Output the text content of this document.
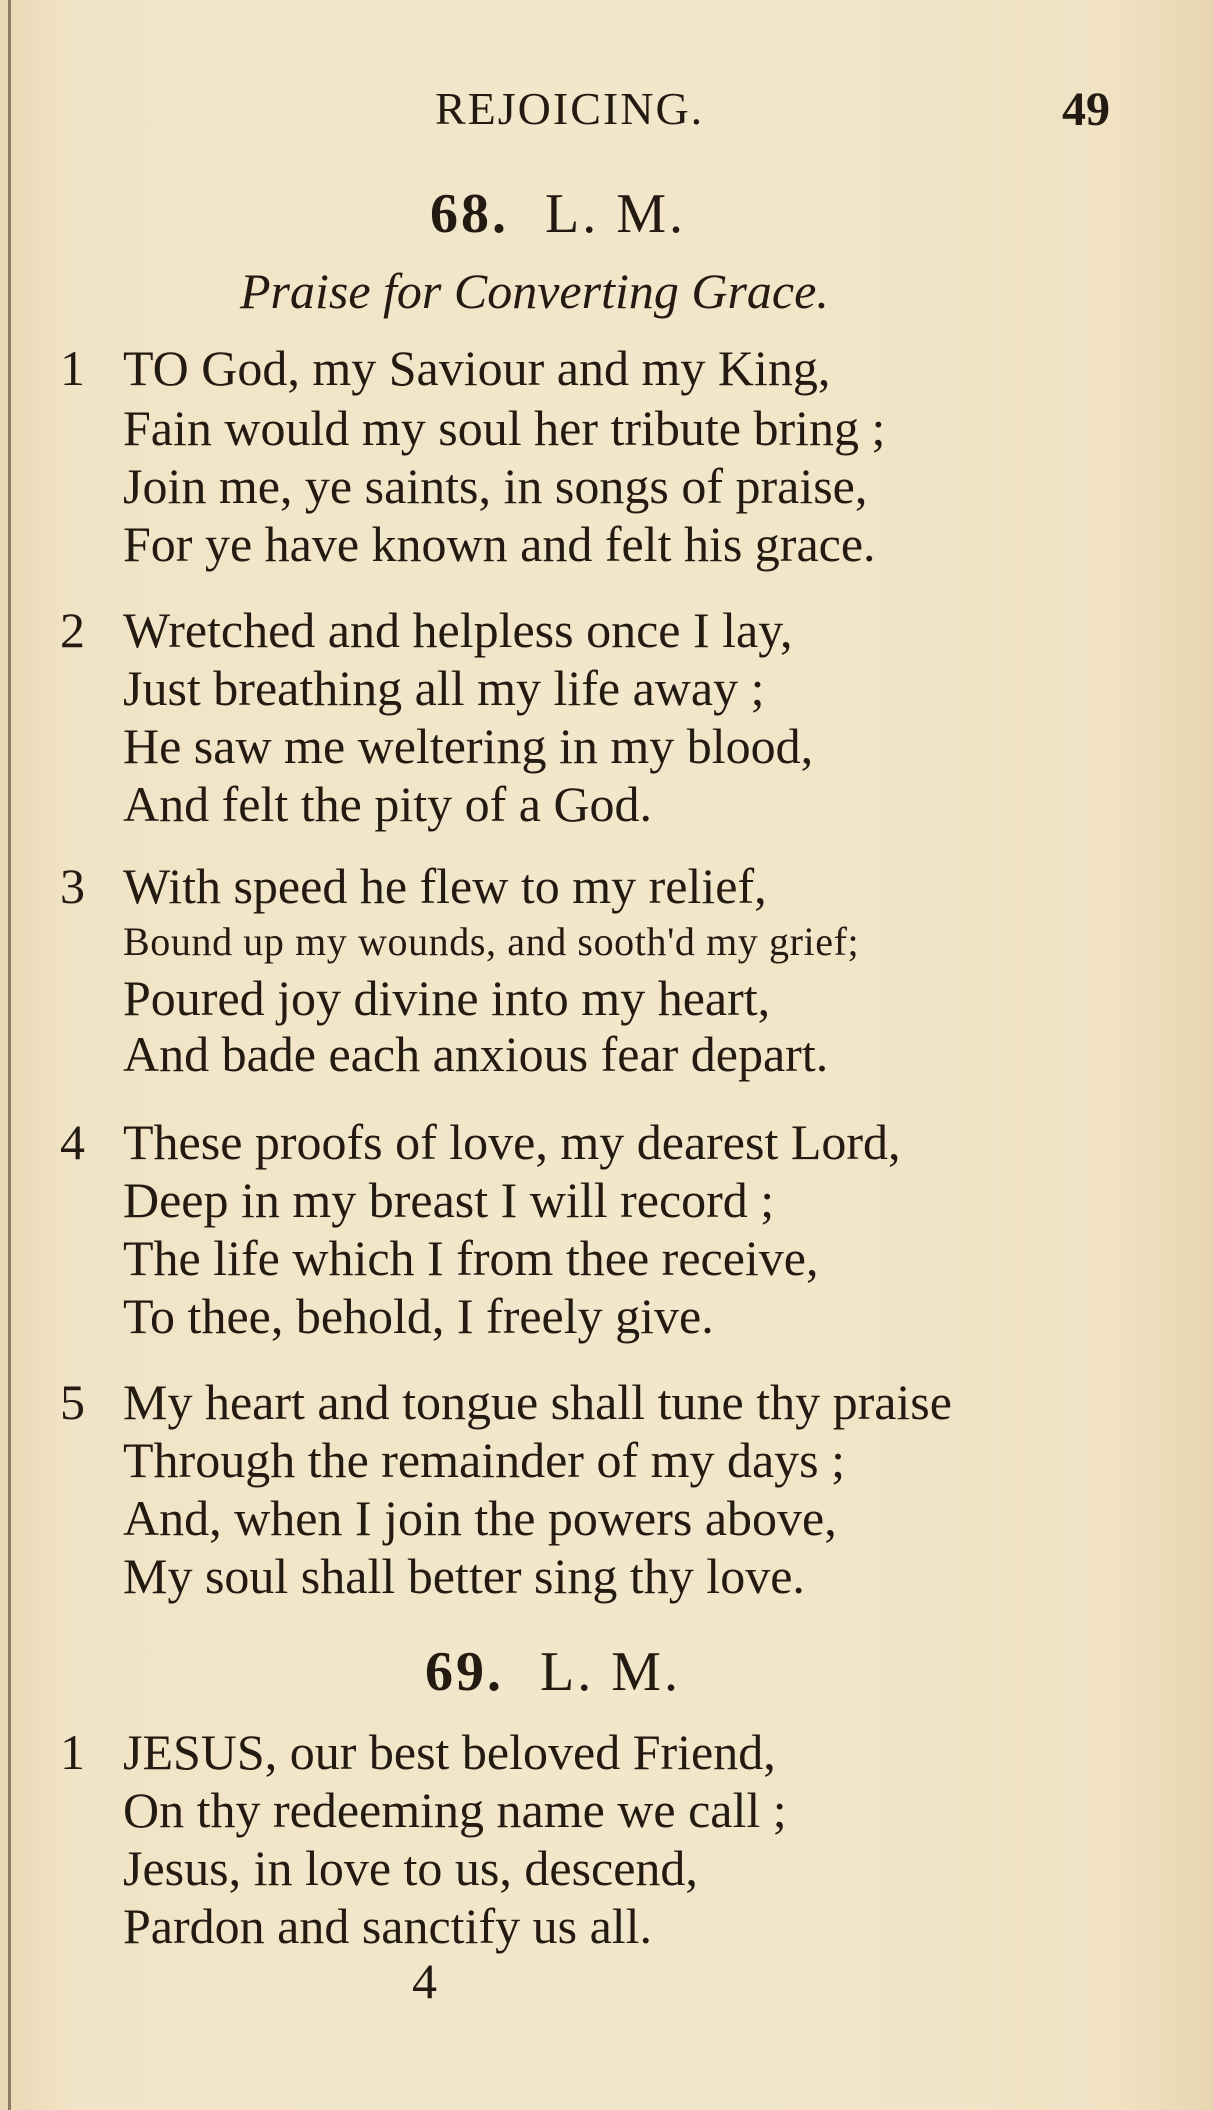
REJOICING.	49
68. L. M.
Praise for Converting Grace.
1 TO God, my Saviour and my King,
Fain would my soul her tribute bring ;
Join me, ye saints, in songs of praise,
For ye have known and felt his grace.
2 Wretched and helpless once I lay,
Just breathing all my life away ;
He saw me weltering in my blood,
And felt the pity of a God.
3 With speed he flew to my relief,
Bound up my wounds, and sooth'd my grief;
Poured joy divine into my heart,
And bade each anxious fear depart.
4 These proofs of love, my dearest Lord,
Deep in my breast I will record ;
The life which I from thee receive,
To thee, behold, I freely give.
5 My heart and tongue shall tune thy praise
Through the remainder of my days ;
And, when I join the powers above,
My soul shall better sing thy love.
69. L. M.
1 JESUS, our best beloved Friend,
On thy redeeming name we call ;
Jesus, in love to us, descend,
Pardon and sanctify us all.
4
